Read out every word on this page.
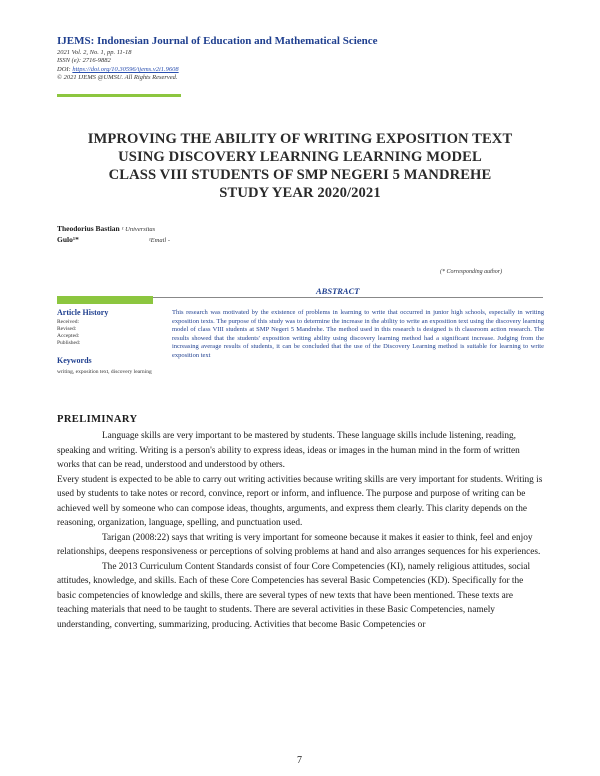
IJEMS: Indonesian Journal of Education and Mathematical Science
2021 Vol. 2, No. 1, pp. 11-18
ISSN (e): 2716-9882
DOI: https://doi.org/10.30596/ijems.v2i1.9608
© 2021 IJEMS @UMSU. All Rights Reserved.
IMPROVING THE ABILITY OF WRITING EXPOSITION TEXT
USING DISCOVERY LEARNING LEARNING MODEL
CLASS VIII STUDENTS OF SMP NEGERI 5 MANDREHE
STUDY YEAR 2020/2021
Theodorius Bastian ¹ Universitas
Gulo¹*	¹Email -
(* Corresponding author)
ABSTRACT
Article History
Received:
Revised:
Accepted:
Published:
Keywords
writing, exposition text, discovery learning
This research was motivated by the existence of problems in learning to write that occurred in junior high schools, especially in writing exposition texts. The purpose of this study was to determine the increase in the ability to write an exposition text using the discovery learning model of class VIII students at SMP Negeri 5 Mandrehe. The method used in this research is designed is th classroom action research. The results showed that the students' exposition writing ability using discovery learning method had a significant increase. Judging from the increasing average results of students, it can be concluded that the use of the Discovery Learning method is suitable for learning to write exposition text
PRELIMINARY

Language skills are very important to be mastered by students. These language skills include listening, reading, speaking and writing. Writing is a person's ability to express ideas, ideas or images in the human mind in the form of written works that can be read, understood and understood by others.

Every student is expected to be able to carry out writing activities because writing skills are very important for students. Writing is used by students to take notes or record, convince, report or inform, and influence. The purpose and purpose of writing can be achieved well by someone who can compose ideas, thoughts, arguments, and express them clearly. This clarity depends on the reasoning, organization, language, spelling, and punctuation used.

Tarigan (2008:22) says that writing is very important for someone because it makes it easier to think, feel and enjoy relationships, deepens responsiveness or perceptions of solving problems at hand and also arranges sequences for his experiences.

The 2013 Curriculum Content Standards consist of four Core Competencies (KI), namely religious attitudes, social attitudes, knowledge, and skills. Each of these Core Competencies has several Basic Competencies (KD). Specifically for the basic competencies of knowledge and skills, there are several types of new texts that have been mentioned. These texts are teaching materials that need to be taught to students. There are several activities in these Basic Competencies, namely understanding, converting, summarizing, producing. Activities that become Basic Competencies or

7
